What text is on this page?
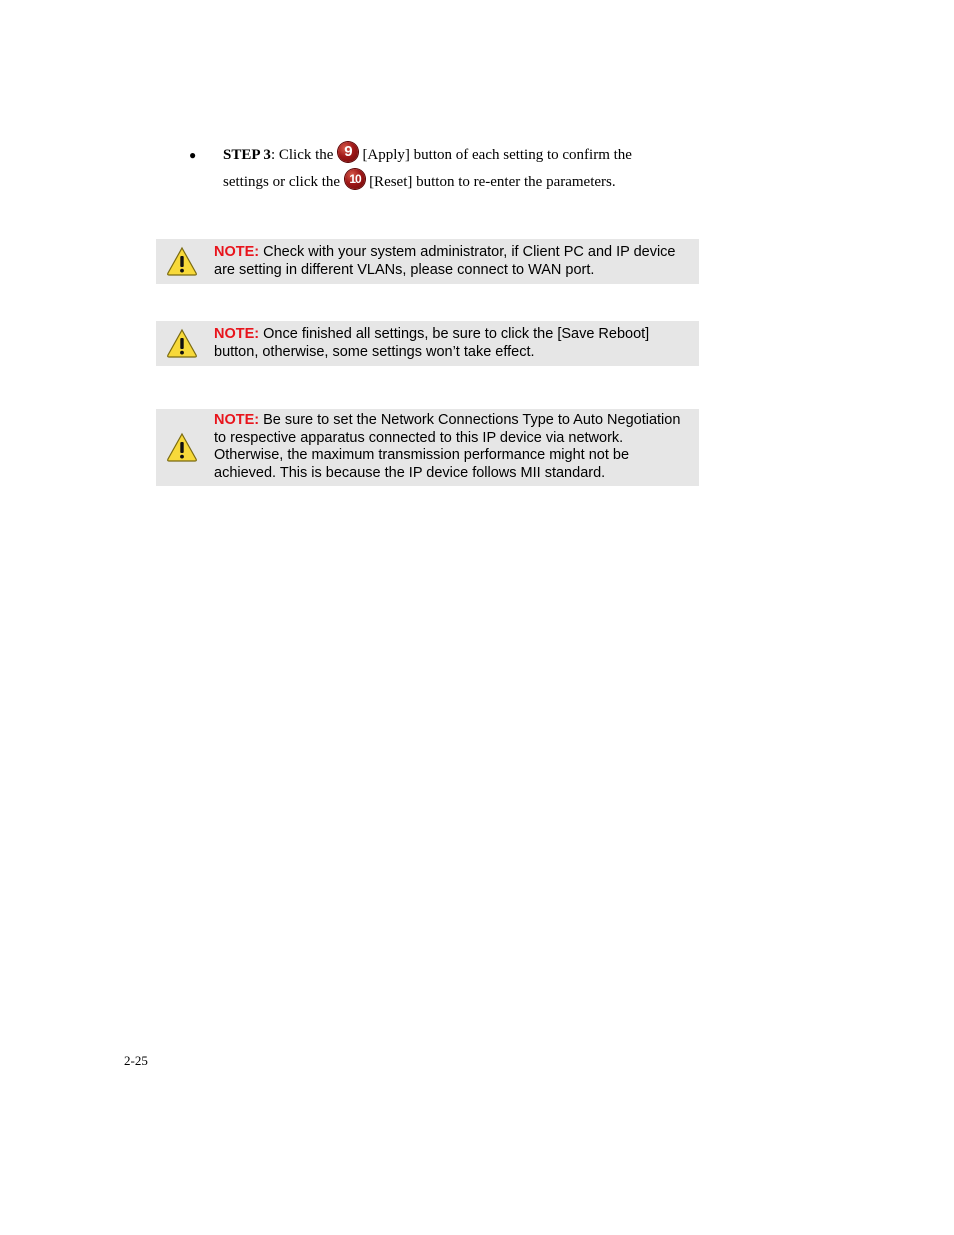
● STEP 3: Click the 9 [Apply] button of each setting to confirm the
settings or click the 10 [Reset] button to re-enter the parameters.
NOTE: Check with your system administrator, if Client PC and IP device are setting in different VLANs, please connect to WAN port.
NOTE: Once finished all settings, be sure to click the [Save Reboot] button, otherwise, some settings won’t take effect.
NOTE: Be sure to set the Network Connections Type to Auto Negotiation to respective apparatus connected to this IP device via network. Otherwise, the maximum transmission performance might not be achieved. This is because the IP device follows MII standard.
2-25
